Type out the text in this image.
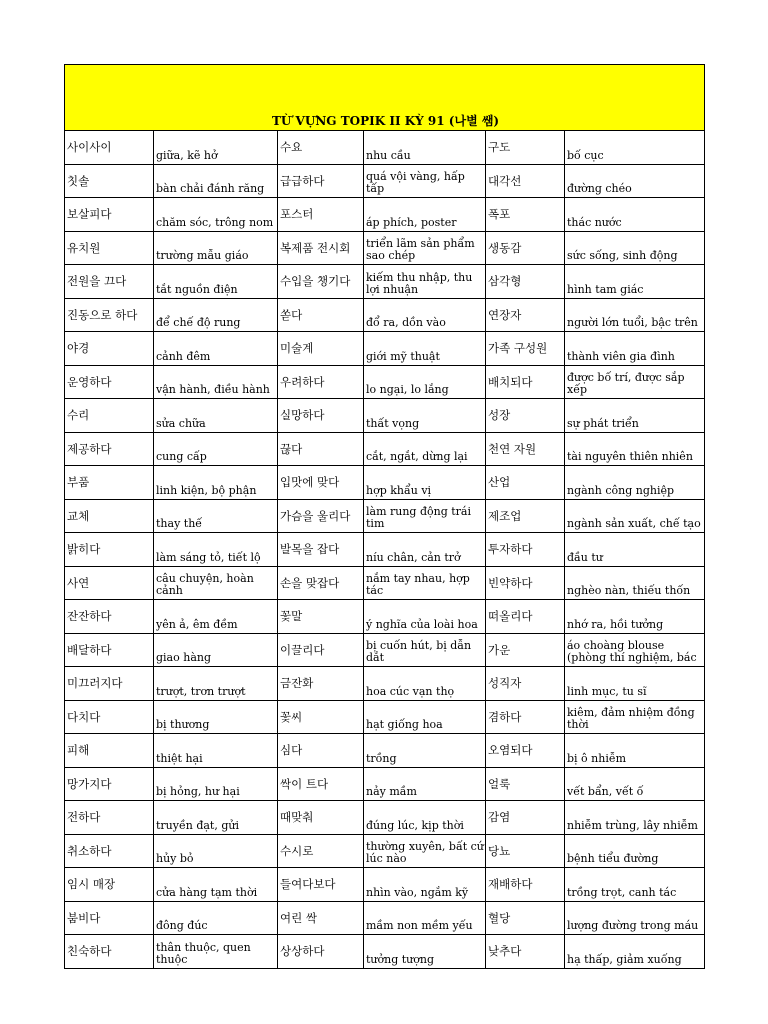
TỪ VỰNG TOPIK II KỲ 91 (나별 쌤)					
사이사이	giữa, kẽ hở	수요	nhu cầu	구도	bố cục
칫솔	bàn chải đánh răng	급급하다	quá vội vàng, hấp tấp	대각선	đường chéo
보살피다	chăm sóc, trông nom	포스터	áp phích, poster	폭포	thác nước
유치원	trường mẫu giáo	복제품 전시회	triển lãm sản phẩm sao chép	생동감	sức sống, sinh động
전원을 끄다	tắt nguồn điện	수입을 챙기다	kiếm thu nhập, thu lợi nhuận	삼각형	hình tam giác
진동으로 하다	để chế độ rung	쏟다	đổ ra, dồn vào	연장자	người lớn tuổi, bậc trên
야경	cảnh đêm	미술계	giới mỹ thuật	가족 구성원	thành viên gia đình
운영하다	vận hành, điều hành	우려하다	lo ngại, lo lắng	배치되다	được bố trí, được sắp xếp
수리	sửa chữa	실망하다	thất vọng	성장	sự phát triển
제공하다	cung cấp	끊다	cắt, ngắt, dừng lại	천연 자원	tài nguyên thiên nhiên
부품	linh kiện, bộ phận	입맛에 맞다	hợp khẩu vị	산업	ngành công nghiệp
교체	thay thế	가슴을 울리다	làm rung động trái tim	제조업	ngành sản xuất, chế tạo
밝히다	làm sáng tỏ, tiết lộ	발목을 잡다	níu chân, cản trở	투자하다	đầu tư
사연	câu chuyện, hoàn cảnh	손을 맞잡다	nắm tay nhau, hợp tác	빈약하다	nghèo nàn, thiếu thốn
잔잔하다	yên ả, êm đềm	꽃말	ý nghĩa của loài hoa	떠올리다	nhớ ra, hồi tưởng
배달하다	giao hàng	이끌리다	bị cuốn hút, bị dẫn dắt	가운	áo choàng blouse (phòng thí nghiệm, bác
미끄러지다	trượt, trơn trượt	금잔화	hoa cúc vạn thọ	성직자	linh mục, tu sĩ
다치다	bị thương	꽃씨	hạt giống hoa	겸하다	kiêm, đảm nhiệm đồng thời
피해	thiệt hại	심다	trồng	오염되다	bị ô nhiễm
망가지다	bị hỏng, hư hại	싹이 트다	nảy mầm	얼룩	vết bẩn, vết ố
전하다	truyền đạt, gửi	때맞춰	đúng lúc, kịp thời	감염	nhiễm trùng, lây nhiễm
취소하다	hủy bỏ	수시로	thường xuyên, bất cứ lúc nào	당뇨	bệnh tiểu đường
임시 매장	cửa hàng tạm thời	들여다보다	nhìn vào, ngắm kỹ	재배하다	trồng trọt, canh tác
붐비다	đông đúc	여린 싹	mầm non mềm yếu	혈당	lượng đường trong máu
친숙하다	thân thuộc, quen thuộc	상상하다	tưởng tượng	낮추다	hạ thấp, giảm xuống
